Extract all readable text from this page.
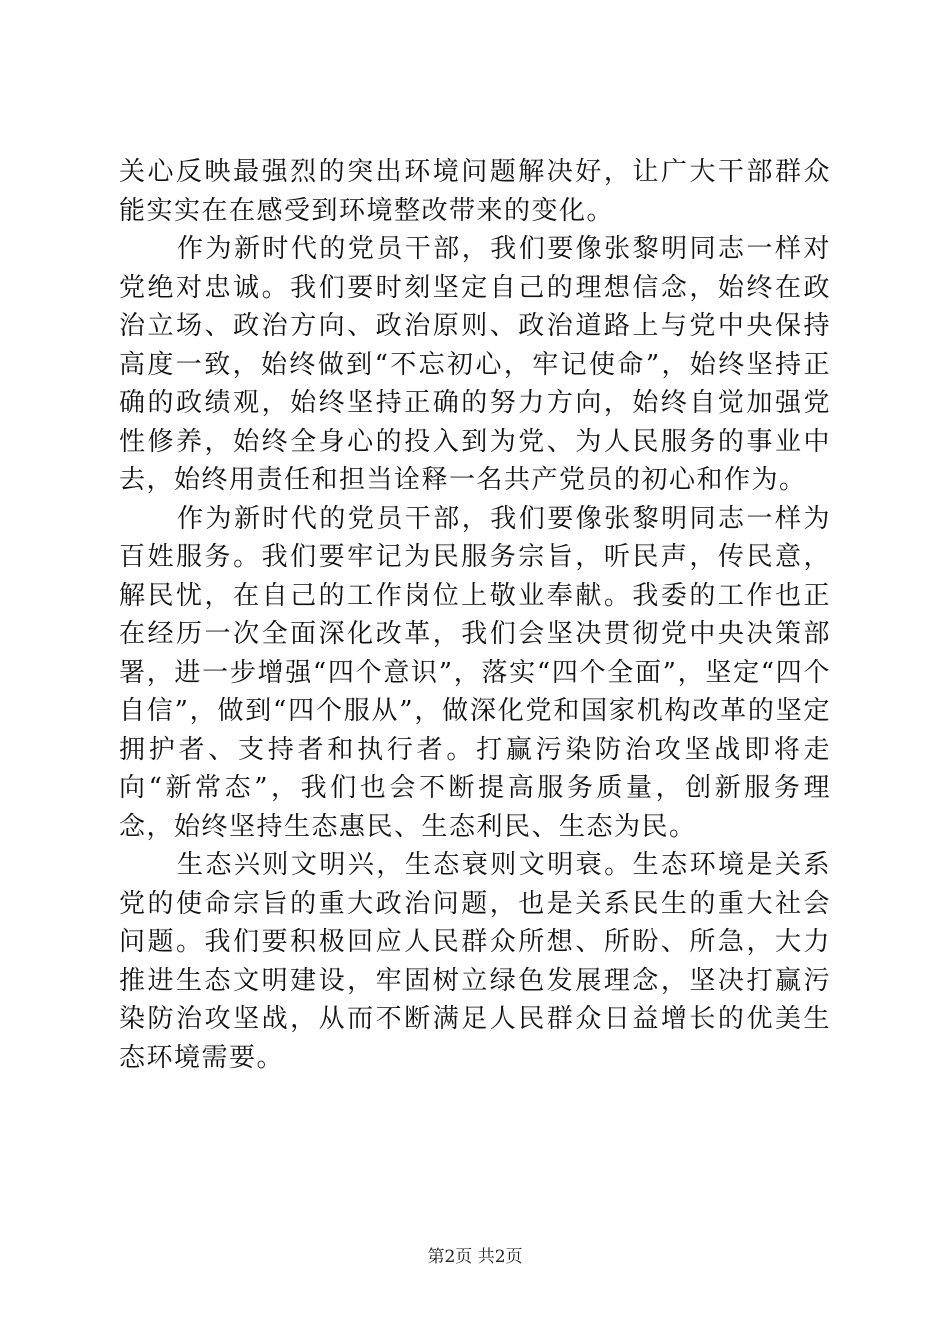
关心反映最强烈的突出环境问题解决好，让广大干部群众能实实在在感受到环境整改带来的变化。

作为新时代的党员干部，我们要像张黎明同志一样对党绝对忠诚。我们要时刻坚定自己的理想信念，始终在政治立场、政治方向、政治原则、政治道路上与党中央保持高度一致，始终做到“不忘初心，牢记使命”，始终坚持正确的政绩观，始终坚持正确的努力方向，始终自觉加强党性修养，始终全身心的投入到为党、为人民服务的事业中去，始终用责任和担当诠释一名共产党员的初心和作为。

作为新时代的党员干部，我们要像张黎明同志一样为百姓服务。我们要牢记为民服务宗旨，听民声，传民意，解民忧，在自己的工作岗位上敬业奉献。我委的工作也正在经历一次全面深化改革，我们会坚决贯彻党中央决策部署，进一步增强“四个意识”，落实“四个全面”，坚定“四个自信”，做到“四个服从”，做深化党和国家机构改革的坚定拥护者、支持者和执行者。打赢污染防治攻坚战即将走向“新常态”，我们也会不断提高服务质量，创新服务理念，始终坚持生态惠民、生态利民、生态为民。

生态兴则文明兴，生态衰则文明衰。生态环境是关系党的使命宗旨的重大政治问题，也是关系民生的重大社会问题。我们要积极回应人民群众所想、所盼、所急，大力推进生态文明建设，牢固树立绿色发展理念，坚决打赢污染防治攻坚战，从而不断满足人民群众日益增长的优美生态环境需要。

第2页 共2页
